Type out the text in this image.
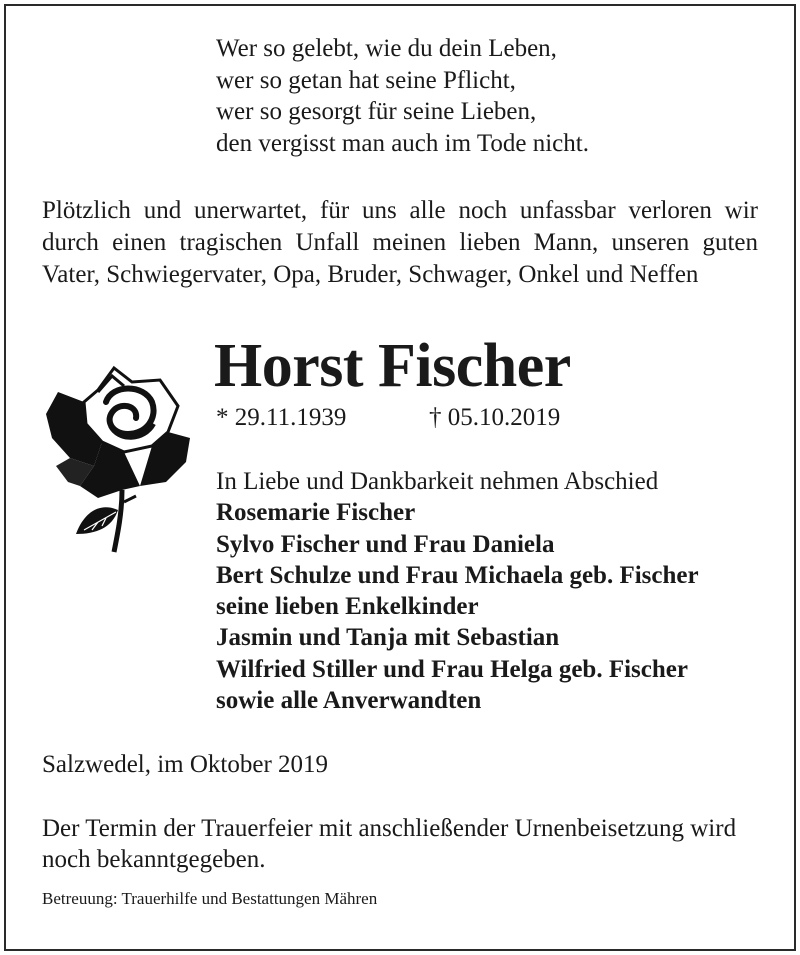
Wer so gelebt, wie du dein Leben,
wer so getan hat seine Pflicht,
wer so gesorgt für seine Lieben,
den vergisst man auch im Tode nicht.

Plötzlich und unerwartet, für uns alle noch unfassbar verloren wir durch einen tragischen Unfall meinen lieben Mann, unseren guten Vater, Schwiegervater, Opa, Bruder, Schwager, Onkel und Neffen

Horst Fischer
* 29.11.1939	† 05.10.2019
In Liebe und Dankbarkeit nehmen Abschied
Rosemarie Fischer
Sylvo Fischer und Frau Daniela
Bert Schulze und Frau Michaela geb. Fischer
seine lieben Enkelkinder
Jasmin und Tanja mit Sebastian
Wilfried Stiller und Frau Helga geb. Fischer
sowie alle Anverwandten
Salzwedel, im Oktober 2019

Der Termin der Trauerfeier mit anschließender Urnenbeisetzung wird noch bekanntgegeben.

Betreuung: Trauerhilfe und Bestattungen Mähren
